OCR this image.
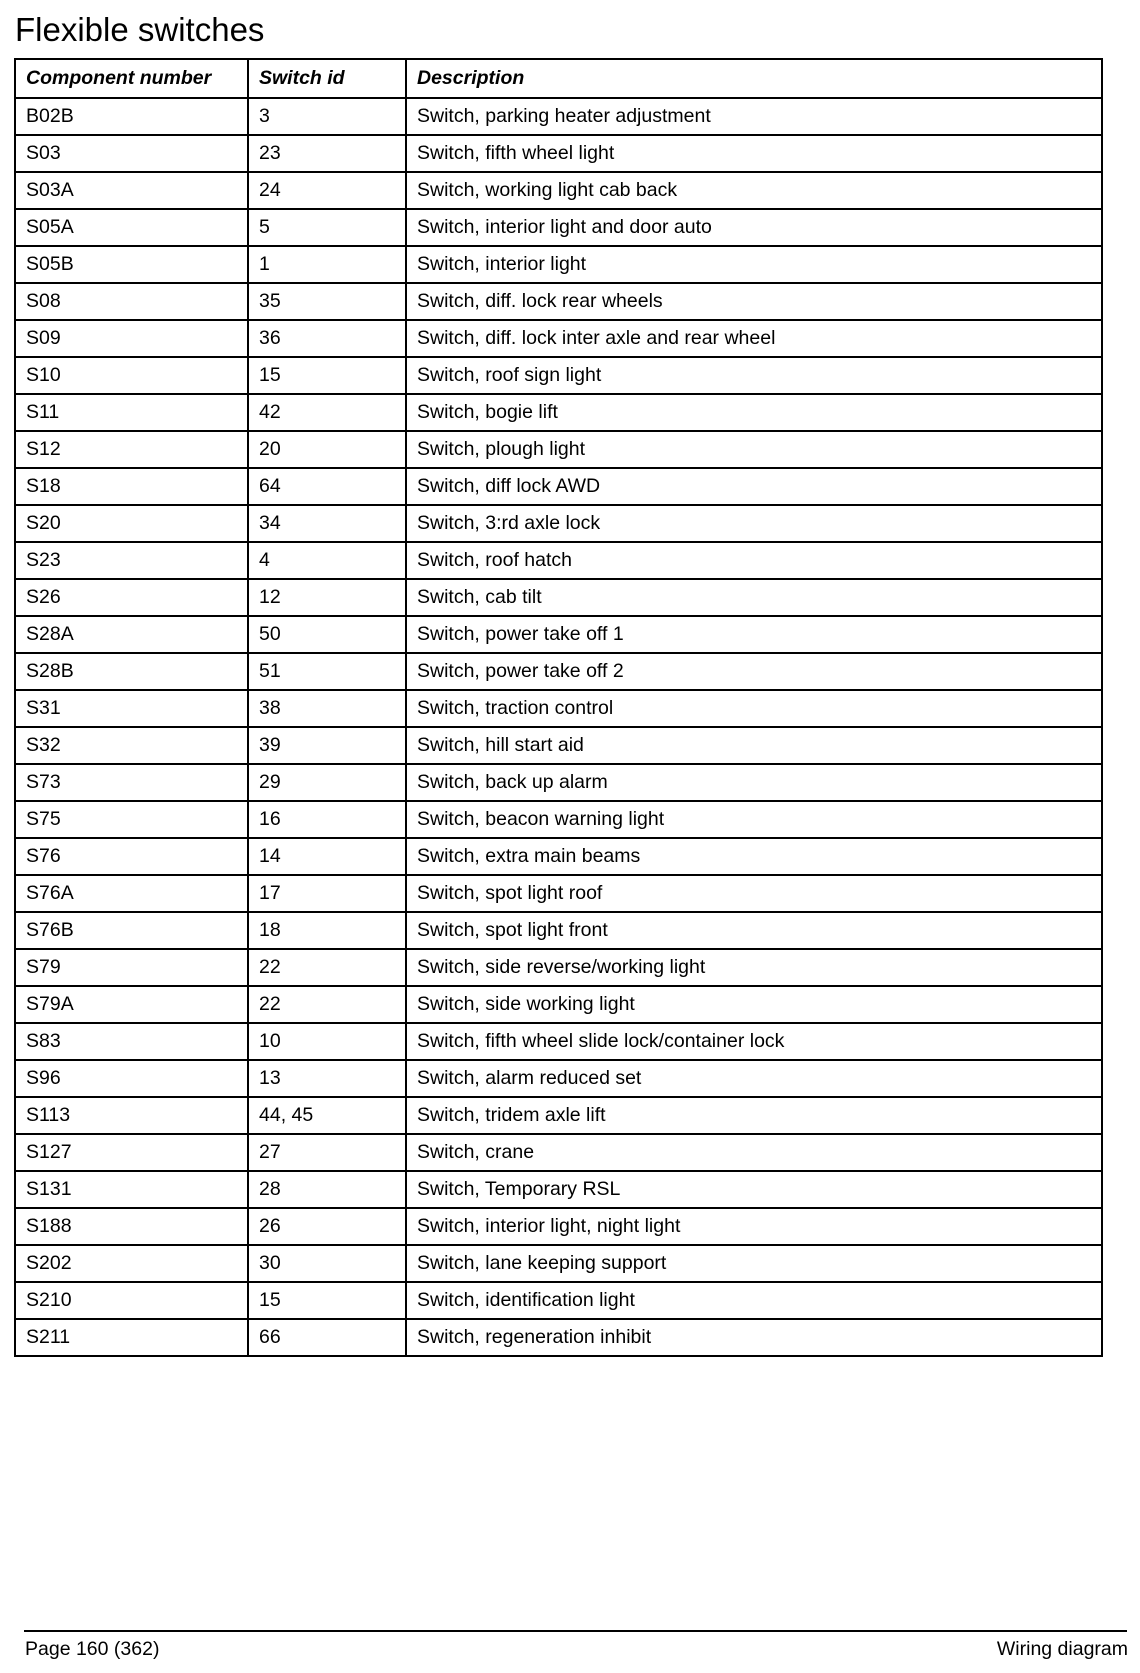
Flexible switches
Component number	Switch id	Description
B02B	3	Switch, parking heater adjustment
S03	23	Switch, fifth wheel light
S03A	24	Switch, working light cab back
S05A	5	Switch, interior light and door auto
S05B	1	Switch, interior light
S08	35	Switch, diff. lock rear wheels
S09	36	Switch, diff. lock inter axle and rear wheel
S10	15	Switch, roof sign light
S11	42	Switch, bogie lift
S12	20	Switch, plough light
S18	64	Switch, diff lock AWD
S20	34	Switch, 3:rd axle lock
S23	4	Switch, roof hatch
S26	12	Switch, cab tilt
S28A	50	Switch, power take off 1
S28B	51	Switch, power take off 2
S31	38	Switch, traction control
S32	39	Switch, hill start aid
S73	29	Switch, back up alarm
S75	16	Switch, beacon warning light
S76	14	Switch, extra main beams
S76A	17	Switch, spot light roof
S76B	18	Switch, spot light front
S79	22	Switch, side reverse/working light
S79A	22	Switch, side working light
S83	10	Switch, fifth wheel slide lock/container lock
S96	13	Switch, alarm reduced set
S113	44, 45	Switch, tridem axle lift
S127	27	Switch, crane
S131	28	Switch, Temporary RSL
S188	26	Switch, interior light, night light
S202	30	Switch, lane keeping support
S210	15	Switch, identification light
S211	66	Switch, regeneration inhibit
Page 160 (362)	Wiring diagram
